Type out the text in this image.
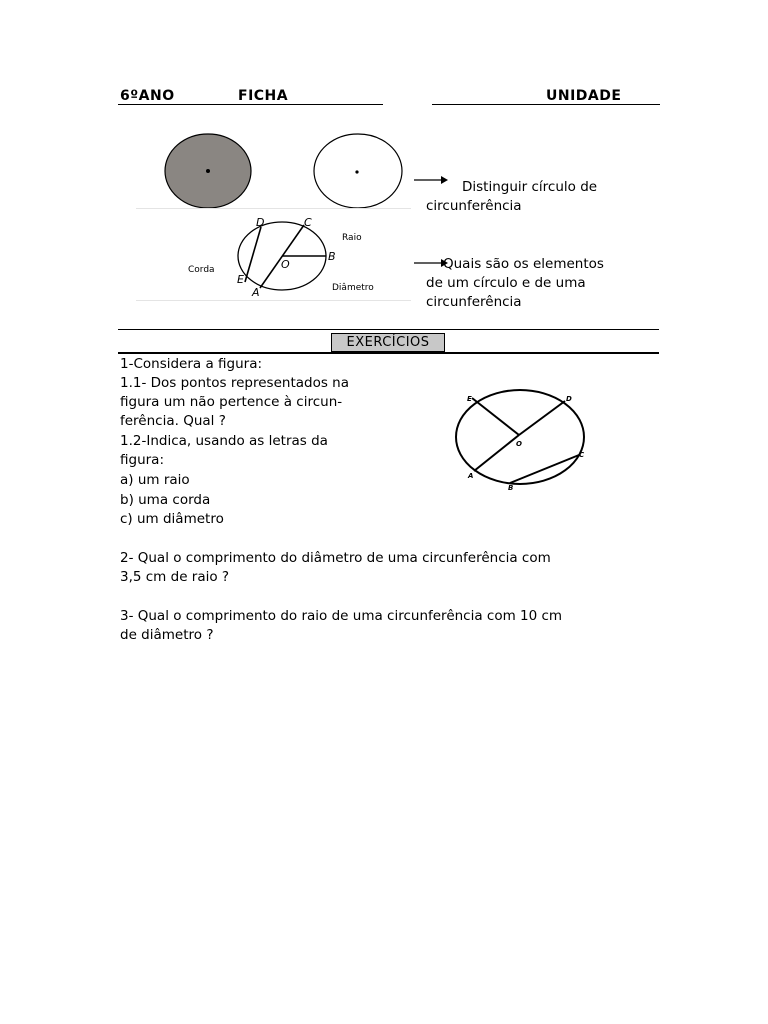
6ºANO	FICHA	UNIDADE
Distinguir círculo de
circunferência
D	C
B
O
E
A
Raio
Corda
Diâmetro
Quais são os elementos
de um círculo e de uma
circunferência
EXERCÍCIOS
1-Considera a figura:
1.1- Dos pontos representados na
figura um não pertence à circun-
ferência. Qual ?
1.2-Indica, usando as letras da
figura:
a) um raio
b) uma corda
c) um diâmetro
E	D
O
C
A
B
2- Qual o comprimento do diâmetro de uma circunferência com
3,5 cm de raio ?
3- Qual o comprimento do raio de uma circunferência com 10 cm
de diâmetro ?
